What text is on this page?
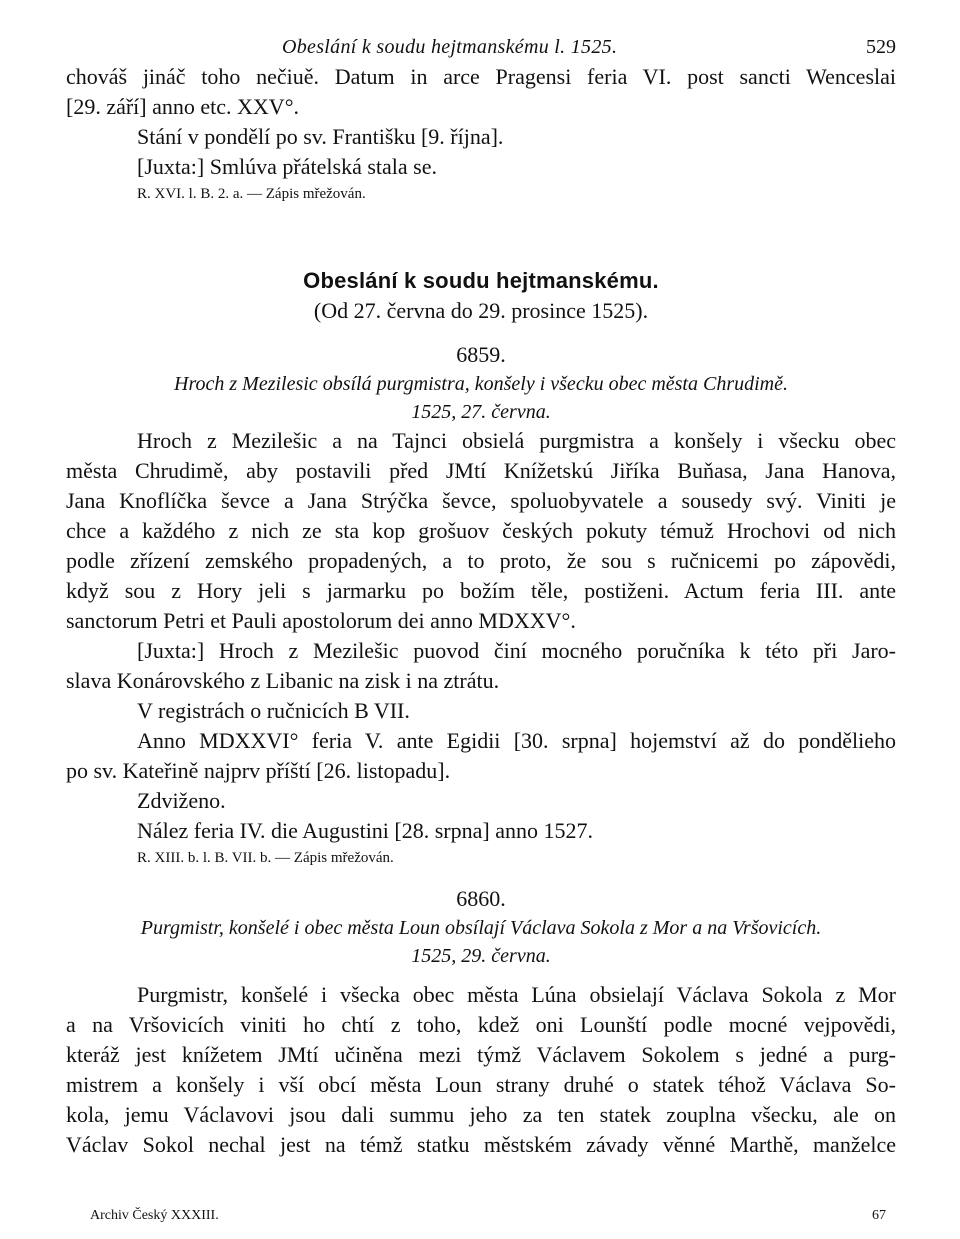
Obeslání k soudu hejtmanskému l. 1525.	529
chováš jináč toho nečiuě. Datum in arce Pragensi feria VI. post sancti Wenceslai
[29. září] anno etc. XXV°.
Stání v pondělí po sv. Františku [9. října].
[Juxta:] Smlúva přátelská stala se.
R. XVI. l. B. 2. a. — Zápis mřežován.
Obeslání k soudu hejtmanskému.
(Od 27. června do 29. prosince 1525).
6859.
Hroch z Mezilesic obsílá purgmistra, konšely i všecku obec města Chrudimě.
1525, 27. června.
Hroch z Mezilešic a na Tajnci obsielá purgmistra a konšely i všecku obec
města Chrudimě, aby postavili před JMtí Knížetskú Jiříka Buňasa, Jana Hanova,
Jana Knoflíčka ševce a Jana Strýčka ševce, spoluobyvatele a sousedy svý. Viniti je
chce a každého z nich ze sta kop grošuov českých pokuty témuž Hrochovi od nich
podle zřízení zemského propadených, a to proto, že sou s ručnicemi po zápovědi,
když sou z Hory jeli s jarmarku po božím těle, postiženi. Actum feria III. ante
sanctorum Petri et Pauli apostolorum dei anno MDXXV°.
[Juxta:] Hroch z Mezilešic puovod činí mocného poručníka k této při Jaro-
slava Konárovského z Libanic na zisk i na ztrátu.
V registrách o ručnicích B VII.
Anno MDXXVI° feria V. ante Egidii [30. srpna] hojemství až do pondělieho
po sv. Kateřině najprv příští [26. listopadu].
Zdviženo.
Nález feria IV. die Augustini [28. srpna] anno 1527.
R. XIII. b. l. B. VII. b. — Zápis mřežován.
6860.
Purgmistr, konšelé i obec města Loun obsílají Václava Sokola z Mor a na Vršovicích.
1525, 29. června.
Purgmistr, konšelé i všecka obec města Lúna obsielají Václava Sokola z Mor
a na Vršovicích viniti ho chtí z toho, kdež oni Lounští podle mocné vejpovědi,
kteráž jest knížetem JMtí učiněna mezi týmž Václavem Sokolem s jedné a purg-
mistrem a konšely i vší obcí města Loun strany druhé o statek téhož Václava So-
kola, jemu Václavovi jsou dali summu jeho za ten statek zouplna všecku, ale on
Václav Sokol nechal jest na témž statku městském závady věnné Marthě, manželce
Archiv Český XXXIII.	67
